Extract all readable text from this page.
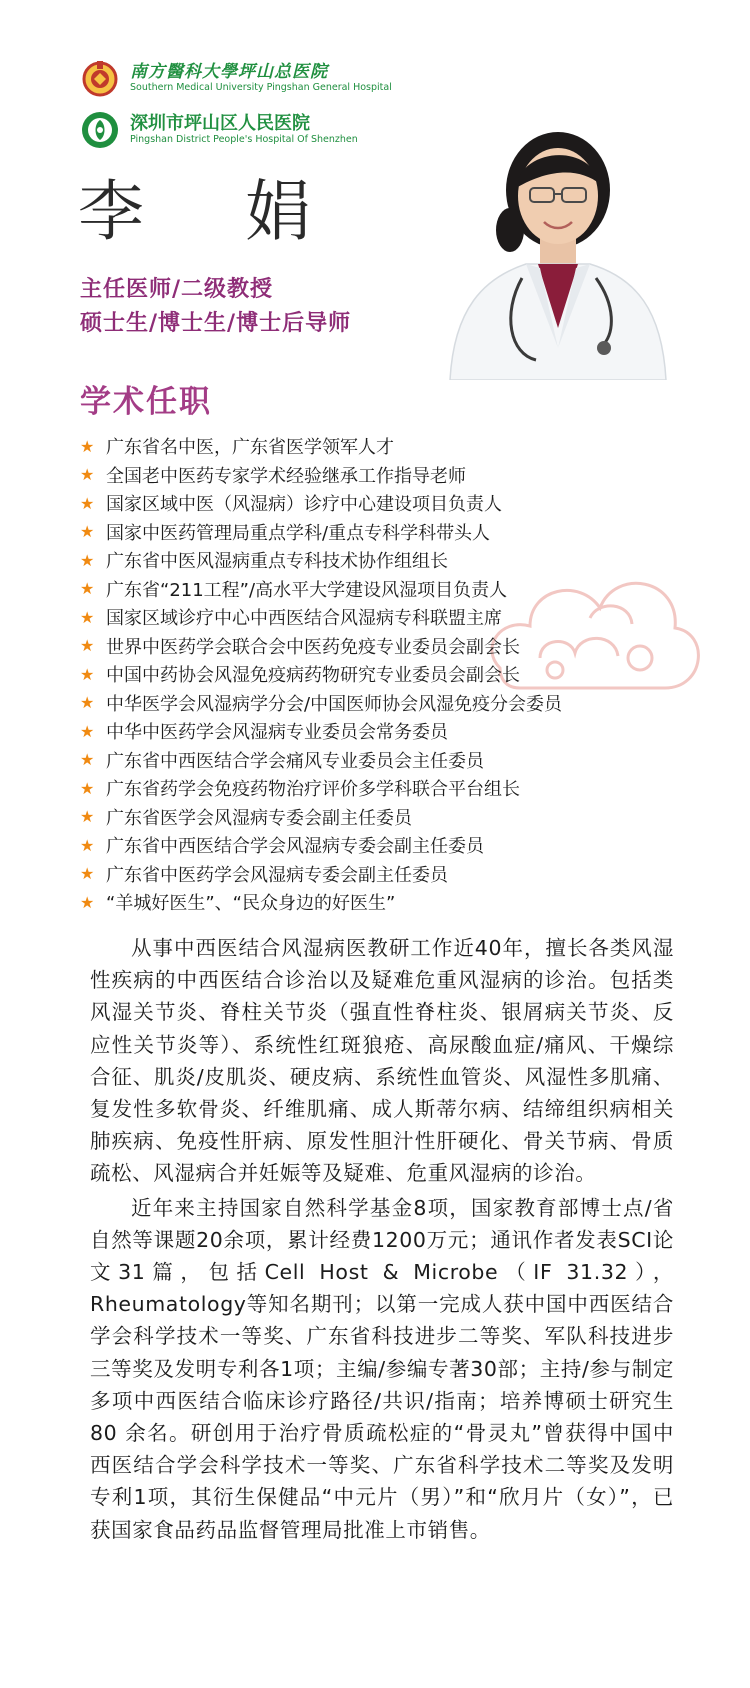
南方醫科大學坪山总医院
Southern Medical University Pingshan General Hospital
深圳市坪山区人民医院
Pingshan District People's Hospital Of Shenzhen
李 娟
主任医师/二级教授
硕士生/博士生/博士后导师
学术任职
★ 广东省名中医，广东省医学领军人才
★ 全国老中医药专家学术经验继承工作指导老师
★ 国家区域中医（风湿病）诊疗中心建设项目负责人
★ 国家中医药管理局重点学科/重点专科学科带头人
★ 广东省中医风湿病重点专科技术协作组组长
★ 广东省“211工程”/高水平大学建设风湿项目负责人
★ 国家区域诊疗中心中西医结合风湿病专科联盟主席
★ 世界中医药学会联合会中医药免疫专业委员会副会长
★ 中国中药协会风湿免疫病药物研究专业委员会副会长
★ 中华医学会风湿病学分会/中国医师协会风湿免疫分会委员
★ 中华中医药学会风湿病专业委员会常务委员
★ 广东省中西医结合学会痛风专业委员会主任委员
★ 广东省药学会免疫药物治疗评价多学科联合平台组长
★ 广东省医学会风湿病专委会副主任委员
★ 广东省中西医结合学会风湿病专委会副主任委员
★ 广东省中医药学会风湿病专委会副主任委员
★ “羊城好医生”、“民众身边的好医生”

从事中西医结合风湿病医教研工作近40年，擅长各类风湿性疾病的中西医结合诊治以及疑难危重风湿病的诊治。包括类风湿关节炎、脊柱关节炎（强直性脊柱炎、银屑病关节炎、反应性关节炎等）、系统性红斑狼疮、高尿酸血症/痛风、干燥综合征、肌炎/皮肌炎、硬皮病、系统性血管炎、风湿性多肌痛、复发性多软骨炎、纤维肌痛、成人斯蒂尔病、结缔组织病相关肺疾病、免疫性肝病、原发性胆汁性肝硬化、骨关节病、骨质疏松、风湿病合并妊娠等及疑难、危重风湿病的诊治。

近年来主持国家自然科学基金8项，国家教育部博士点/省自然等课题20余项，累计经费1200万元；通讯作者发表SCI论文31篇，包括Cell Host & Microbe（IF 31.32），Rheumatology等知名期刊；以第一完成人获中国中西医结合学会科学技术一等奖、广东省科技进步二等奖、军队科技进步三等奖及发明专利各1项；主编/参编专著30部；主持/参与制定多项中西医结合临床诊疗路径/共识/指南；培养博硕士研究生 80 余名。研创用于治疗骨质疏松症的“骨灵丸”曾获得中国中西医结合学会科学技术一等奖、广东省科学技术二等奖及发明专利1项，其衍生保健品“中元片（男）”和“欣月片（女）”，已获国家食品药品监督管理局批准上市销售。
